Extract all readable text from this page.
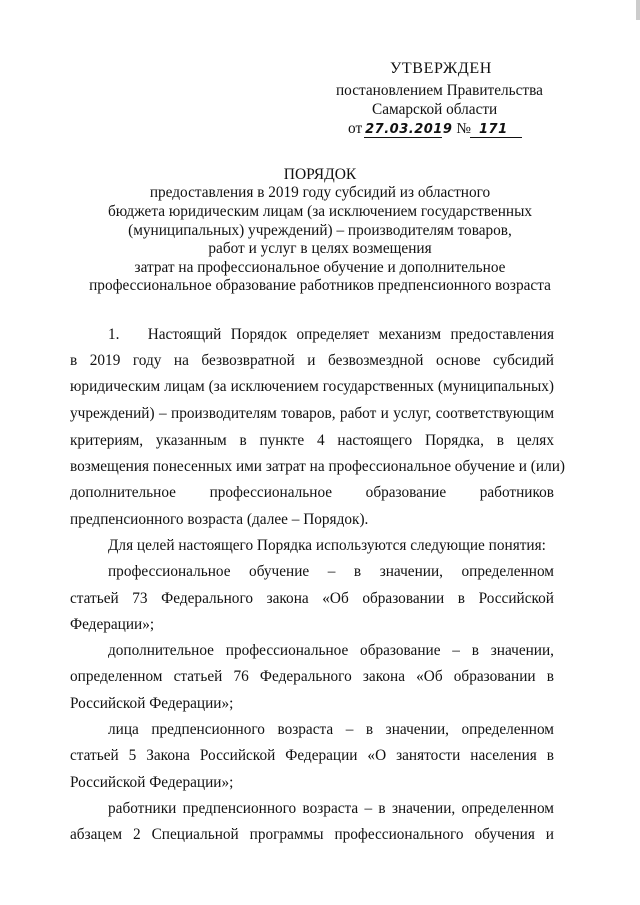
УТВЕРЖДЕН
постановлением Правительства
Самарской области
от 27.03.2019 № 171
ПОРЯДОК
предоставления в 2019 году субсидий из областного
бюджета юридическим лицам (за исключением государственных
(муниципальных) учреждений) – производителям товаров,
работ и услуг в целях возмещения
затрат на профессиональное обучение и дополнительное
профессиональное образование работников предпенсионного возраста
1.   Настоящий Порядок определяет механизм предоставления
в 2019 году на безвозвратной и безвозмездной основе субсидий
юридическим лицам (за исключением государственных (муниципальных)
учреждений) – производителям товаров, работ и услуг, соответствующим
критериям, указанным в пункте 4 настоящего Порядка, в целях
возмещения понесенных ими затрат на профессиональное обучение и (или)
дополнительное профессиональное образование работников
предпенсионного возраста (далее – Порядок).
Для целей настоящего Порядка используются следующие понятия:
профессиональное обучение – в значении, определенном
статьей 73 Федерального закона «Об образовании в Российской
Федерации»;
дополнительное профессиональное образование – в значении,
определенном статьей 76 Федерального закона «Об образовании в
Российской Федерации»;
лица предпенсионного возраста – в значении, определенном
статьей 5 Закона Российской Федерации «О занятости населения в
Российской Федерации»;
работники предпенсионного возраста – в значении, определенном
абзацем 2 Специальной программы профессионального обучения и
